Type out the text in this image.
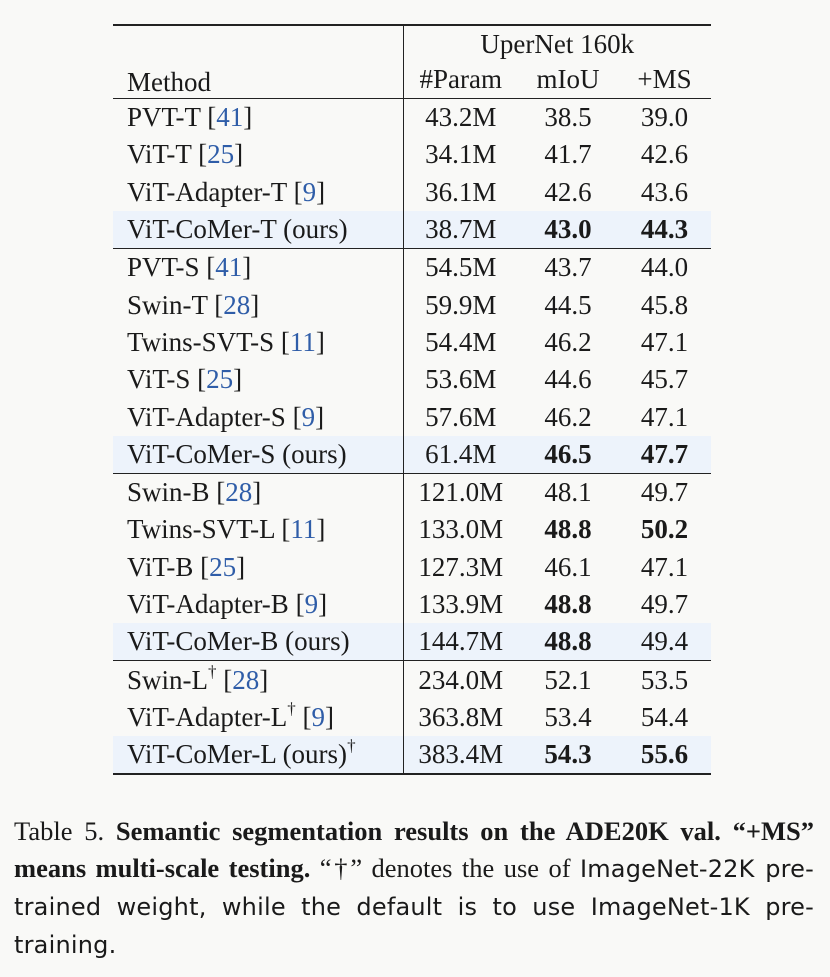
Method	UperNet 160k		
	#Param	mIoU	+MS
PVT-T [41]	43.2M	38.5	39.0
ViT-T [25]	34.1M	41.7	42.6
ViT-Adapter-T [9]	36.1M	42.6	43.6
ViT-CoMer-T (ours)	38.7M	43.0	44.3
PVT-S [41]	54.5M	43.7	44.0
Swin-T [28]	59.9M	44.5	45.8
Twins-SVT-S [11]	54.4M	46.2	47.1
ViT-S [25]	53.6M	44.6	45.7
ViT-Adapter-S [9]	57.6M	46.2	47.1
ViT-CoMer-S (ours)	61.4M	46.5	47.7
Swin-B [28]	121.0M	48.1	49.7
Twins-SVT-L [11]	133.0M	48.8	50.2
ViT-B [25]	127.3M	46.1	47.1
ViT-Adapter-B [9]	133.9M	48.8	49.7
ViT-CoMer-B (ours)	144.7M	48.8	49.4
Swin-L† [28]	234.0M	52.1	53.5
ViT-Adapter-L† [9]	363.8M	53.4	54.4
ViT-CoMer-L (ours)†	383.4M	54.3	55.6
Table 5. Semantic segmentation results on the ADE20K val. “+MS” means multi-scale testing. “†” denotes the use of ImageNet-22K pre-trained weight, while the default is to use ImageNet-1K pre-training.
